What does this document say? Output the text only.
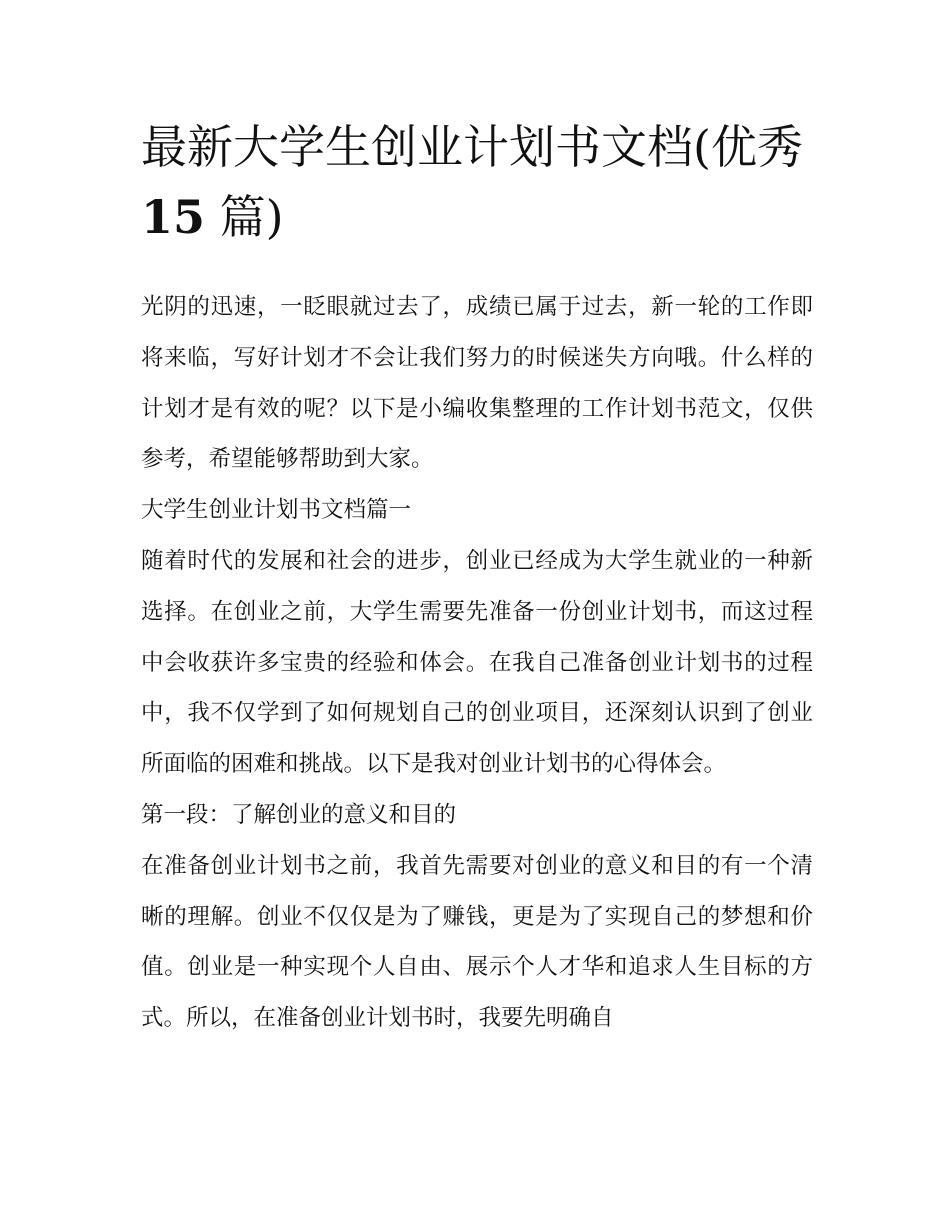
最新大学生创业计划书文档(优秀15 篇)

光阴的迅速，一眨眼就过去了，成绩已属于过去，新一轮的工作即将来临，写好计划才不会让我们努力的时候迷失方向哦。什么样的计划才是有效的呢？以下是小编收集整理的工作计划书范文，仅供参考，希望能够帮助到大家。

大学生创业计划书文档篇一

随着时代的发展和社会的进步，创业已经成为大学生就业的一种新选择。在创业之前，大学生需要先准备一份创业计划书，而这过程中会收获许多宝贵的经验和体会。在我自己准备创业计划书的过程中，我不仅学到了如何规划自己的创业项目，还深刻认识到了创业所面临的困难和挑战。以下是我对创业计划书的心得体会。

第一段：了解创业的意义和目的

在准备创业计划书之前，我首先需要对创业的意义和目的有一个清晰的理解。创业不仅仅是为了赚钱，更是为了实现自己的梦想和价值。创业是一种实现个人自由、展示个人才华和追求人生目标的方式。所以，在准备创业计划书时，我要先明确自
